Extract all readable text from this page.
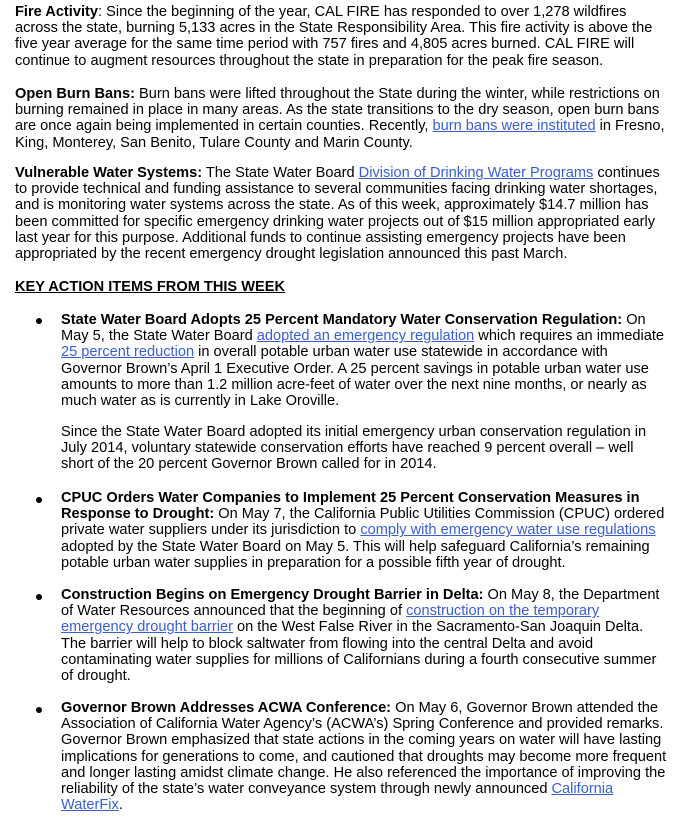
Fire Activity: Since the beginning of the year, CAL FIRE has responded to over 1,278 wildfires across the state, burning 5,133 acres in the State Responsibility Area. This fire activity is above the five year average for the same time period with 757 fires and 4,805 acres burned. CAL FIRE will continue to augment resources throughout the state in preparation for the peak fire season.

Open Burn Bans: Burn bans were lifted throughout the State during the winter, while restrictions on burning remained in place in many areas. As the state transitions to the dry season, open burn bans are once again being implemented in certain counties. Recently, burn bans were instituted in Fresno, King, Monterey, San Benito, Tulare County and Marin County.

Vulnerable Water Systems: The State Water Board Division of Drinking Water Programs continues to provide technical and funding assistance to several communities facing drinking water shortages, and is monitoring water systems across the state. As of this week, approximately $14.7 million has been committed for specific emergency drinking water projects out of $15 million appropriated early last year for this purpose. Additional funds to continue assisting emergency projects have been appropriated by the recent emergency drought legislation announced this past March.

KEY ACTION ITEMS FROM THIS WEEK

State Water Board Adopts 25 Percent Mandatory Water Conservation Regulation: On May 5, the State Water Board adopted an emergency regulation which requires an immediate 25 percent reduction in overall potable urban water use statewide in accordance with Governor Brown’s April 1 Executive Order. A 25 percent savings in potable urban water use amounts to more than 1.2 million acre-feet of water over the next nine months, or nearly as much water as is currently in Lake Oroville.

Since the State Water Board adopted its initial emergency urban conservation regulation in July 2014, voluntary statewide conservation efforts have reached 9 percent overall – well short of the 20 percent Governor Brown called for in 2014.

CPUC Orders Water Companies to Implement 25 Percent Conservation Measures in Response to Drought: On May 7, the California Public Utilities Commission (CPUC) ordered private water suppliers under its jurisdiction to comply with emergency water use regulations adopted by the State Water Board on May 5. This will help safeguard California’s remaining potable urban water supplies in preparation for a possible fifth year of drought.

Construction Begins on Emergency Drought Barrier in Delta: On May 8, the Department of Water Resources announced that the beginning of construction on the temporary emergency drought barrier on the West False River in the Sacramento-San Joaquin Delta. The barrier will help to block saltwater from flowing into the central Delta and avoid contaminating water supplies for millions of Californians during a fourth consecutive summer of drought.

Governor Brown Addresses ACWA Conference: On May 6, Governor Brown attended the Association of California Water Agency’s (ACWA’s) Spring Conference and provided remarks. Governor Brown emphasized that state actions in the coming years on water will have lasting implications for generations to come, and cautioned that droughts may become more frequent and longer lasting amidst climate change. He also referenced the importance of improving the reliability of the state’s water conveyance system through newly announced California WaterFix.
